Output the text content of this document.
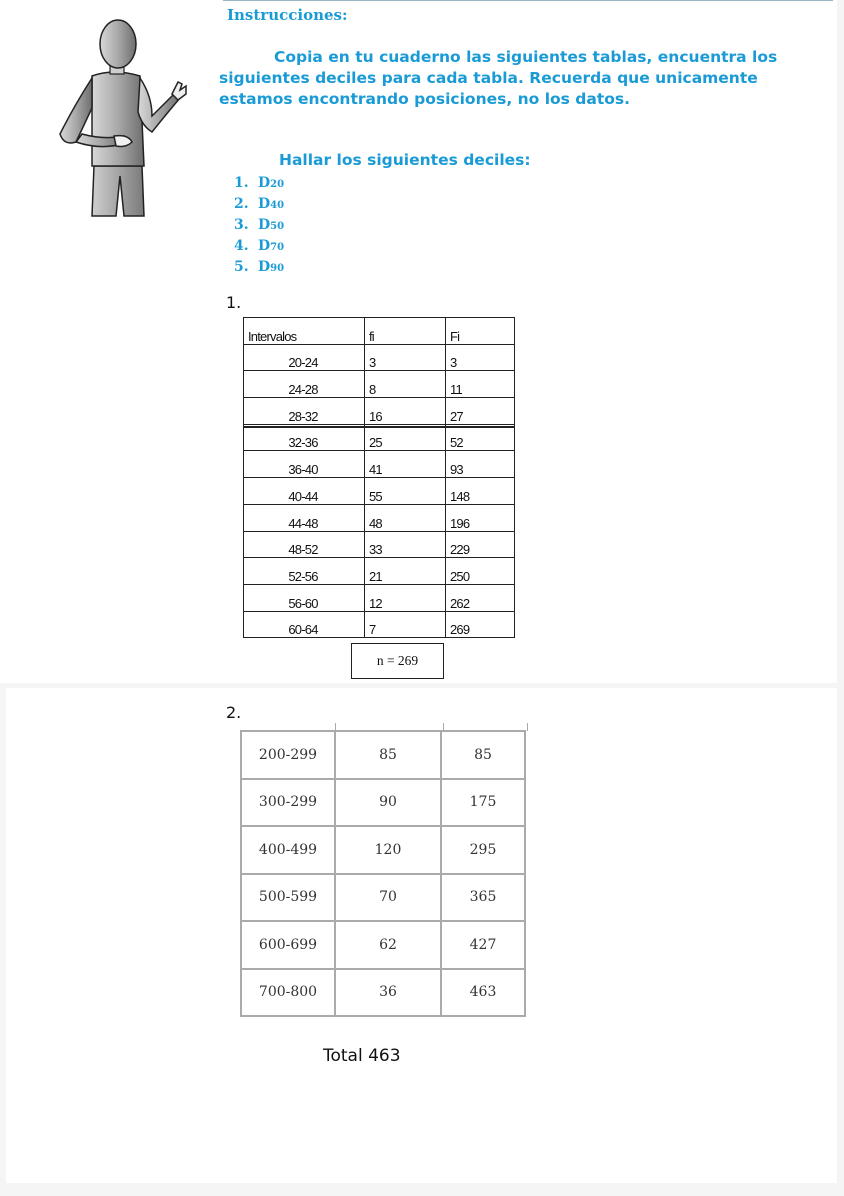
Instrucciones:

Copia en tu cuaderno las siguientes tablas, encuentra los siguientes deciles para cada tabla. Recuerda que unicamente estamos encontrando posiciones, no los datos.

Hallar los siguientes deciles:
1. D20
2. D40
3. D50
4. D70
5. D90
1.
Intervalos	fi	Fi
20-24	3	3
24-28	8	11
28-32	16	27
32-36	25	52
36-40	41	93
40-44	55	148
44-48	48	196
48-52	33	229
52-56	21	250
56-60	12	262
60-64	7	269
n = 269
2.
200-299	85	85
300-299	90	175
400-499	120	295
500-599	70	365
600-699	62	427
700-800	36	463
Total 463
